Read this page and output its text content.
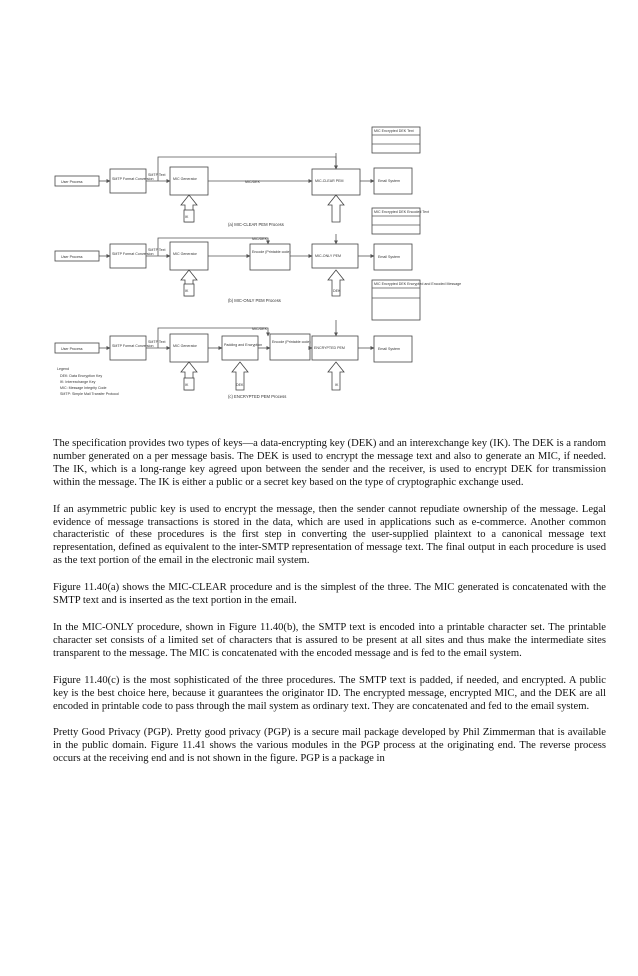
MIC Encrypted DEK Text
User Process
SMTP Format Conversion
SMTP Text
MIC Generator
MIC/DEK	MIC-CLEAR PEM	Email System
IK
(a) MIC-CLEAR PEM Process
MIC Encrypted DEK Encoded Text
User Process
SMTP Format Conversion
SMTP Text
MIC Generator
MIC/DEK
Encode (Printable code)
MIC-ONLY PEM	Email System
IK	DEK
(b) MIC-ONLY PEM Process
MIC Encrypted DEK Encrypted and Encoded Message
User Process
SMTP Format Conversion
SMTP Text
MIC Generator
MIC/DEK
Padding and Encryption
Encode (Printable code)
ENCRYPTED PEM	Email System
IK	DEK	IK
(c) ENCRYPTED PEM Process
Legend
DEK: Data Encryption Key
IK: Interexchange Key
MIC: Message Integrity Code
SMTP: Simple Mail Transfer Protocol

The specification provides two types of keys—a data-encrypting key (DEK) and an interexchange key (IK). The DEK is a random number generated on a per message basis. The DEK is used to encrypt the message text and also to generate an MIC, if needed. The IK, which is a long-range key agreed upon between the sender and the receiver, is used to encrypt DEK for transmission within the message. The IK is either a public or a secret key based on the type of cryptographic exchange used.

If an asymmetric public key is used to encrypt the message, then the sender cannot repudiate ownership of the message. Legal evidence of message transactions is stored in the data, which are used in applications such as e-commerce. Another common characteristic of these procedures is the first step in converting the user-supplied plaintext to a canonical message text representation, defined as equivalent to the inter-SMTP representation of message text. The final output in each procedure is used as the text portion of the email in the electronic mail system.

Figure 11.40(a) shows the MIC-CLEAR procedure and is the simplest of the three. The MIC generated is concatenated with the SMTP text and is inserted as the text portion in the email.

In the MIC-ONLY procedure, shown in Figure 11.40(b), the SMTP text is encoded into a printable character set. The printable character set consists of a limited set of characters that is assured to be present at all sites and thus make the intermediate sites transparent to the message. The MIC is concatenated with the encoded message and is fed to the email system.

Figure 11.40(c) is the most sophisticated of the three procedures. The SMTP text is padded, if needed, and encrypted. A public key is the best choice here, because it guarantees the originator ID. The encrypted message, encrypted MIC, and the DEK are all encoded in printable code to pass through the mail system as ordinary text. They are concatenated and fed to the email system.

Pretty Good Privacy (PGP). Pretty good privacy (PGP) is a secure mail package developed by Phil Zimmerman that is available in the public domain. Figure 11.41 shows the various modules in the PGP process at the originating end. The reverse process occurs at the receiving end and is not shown in the figure. PGP is a package in
